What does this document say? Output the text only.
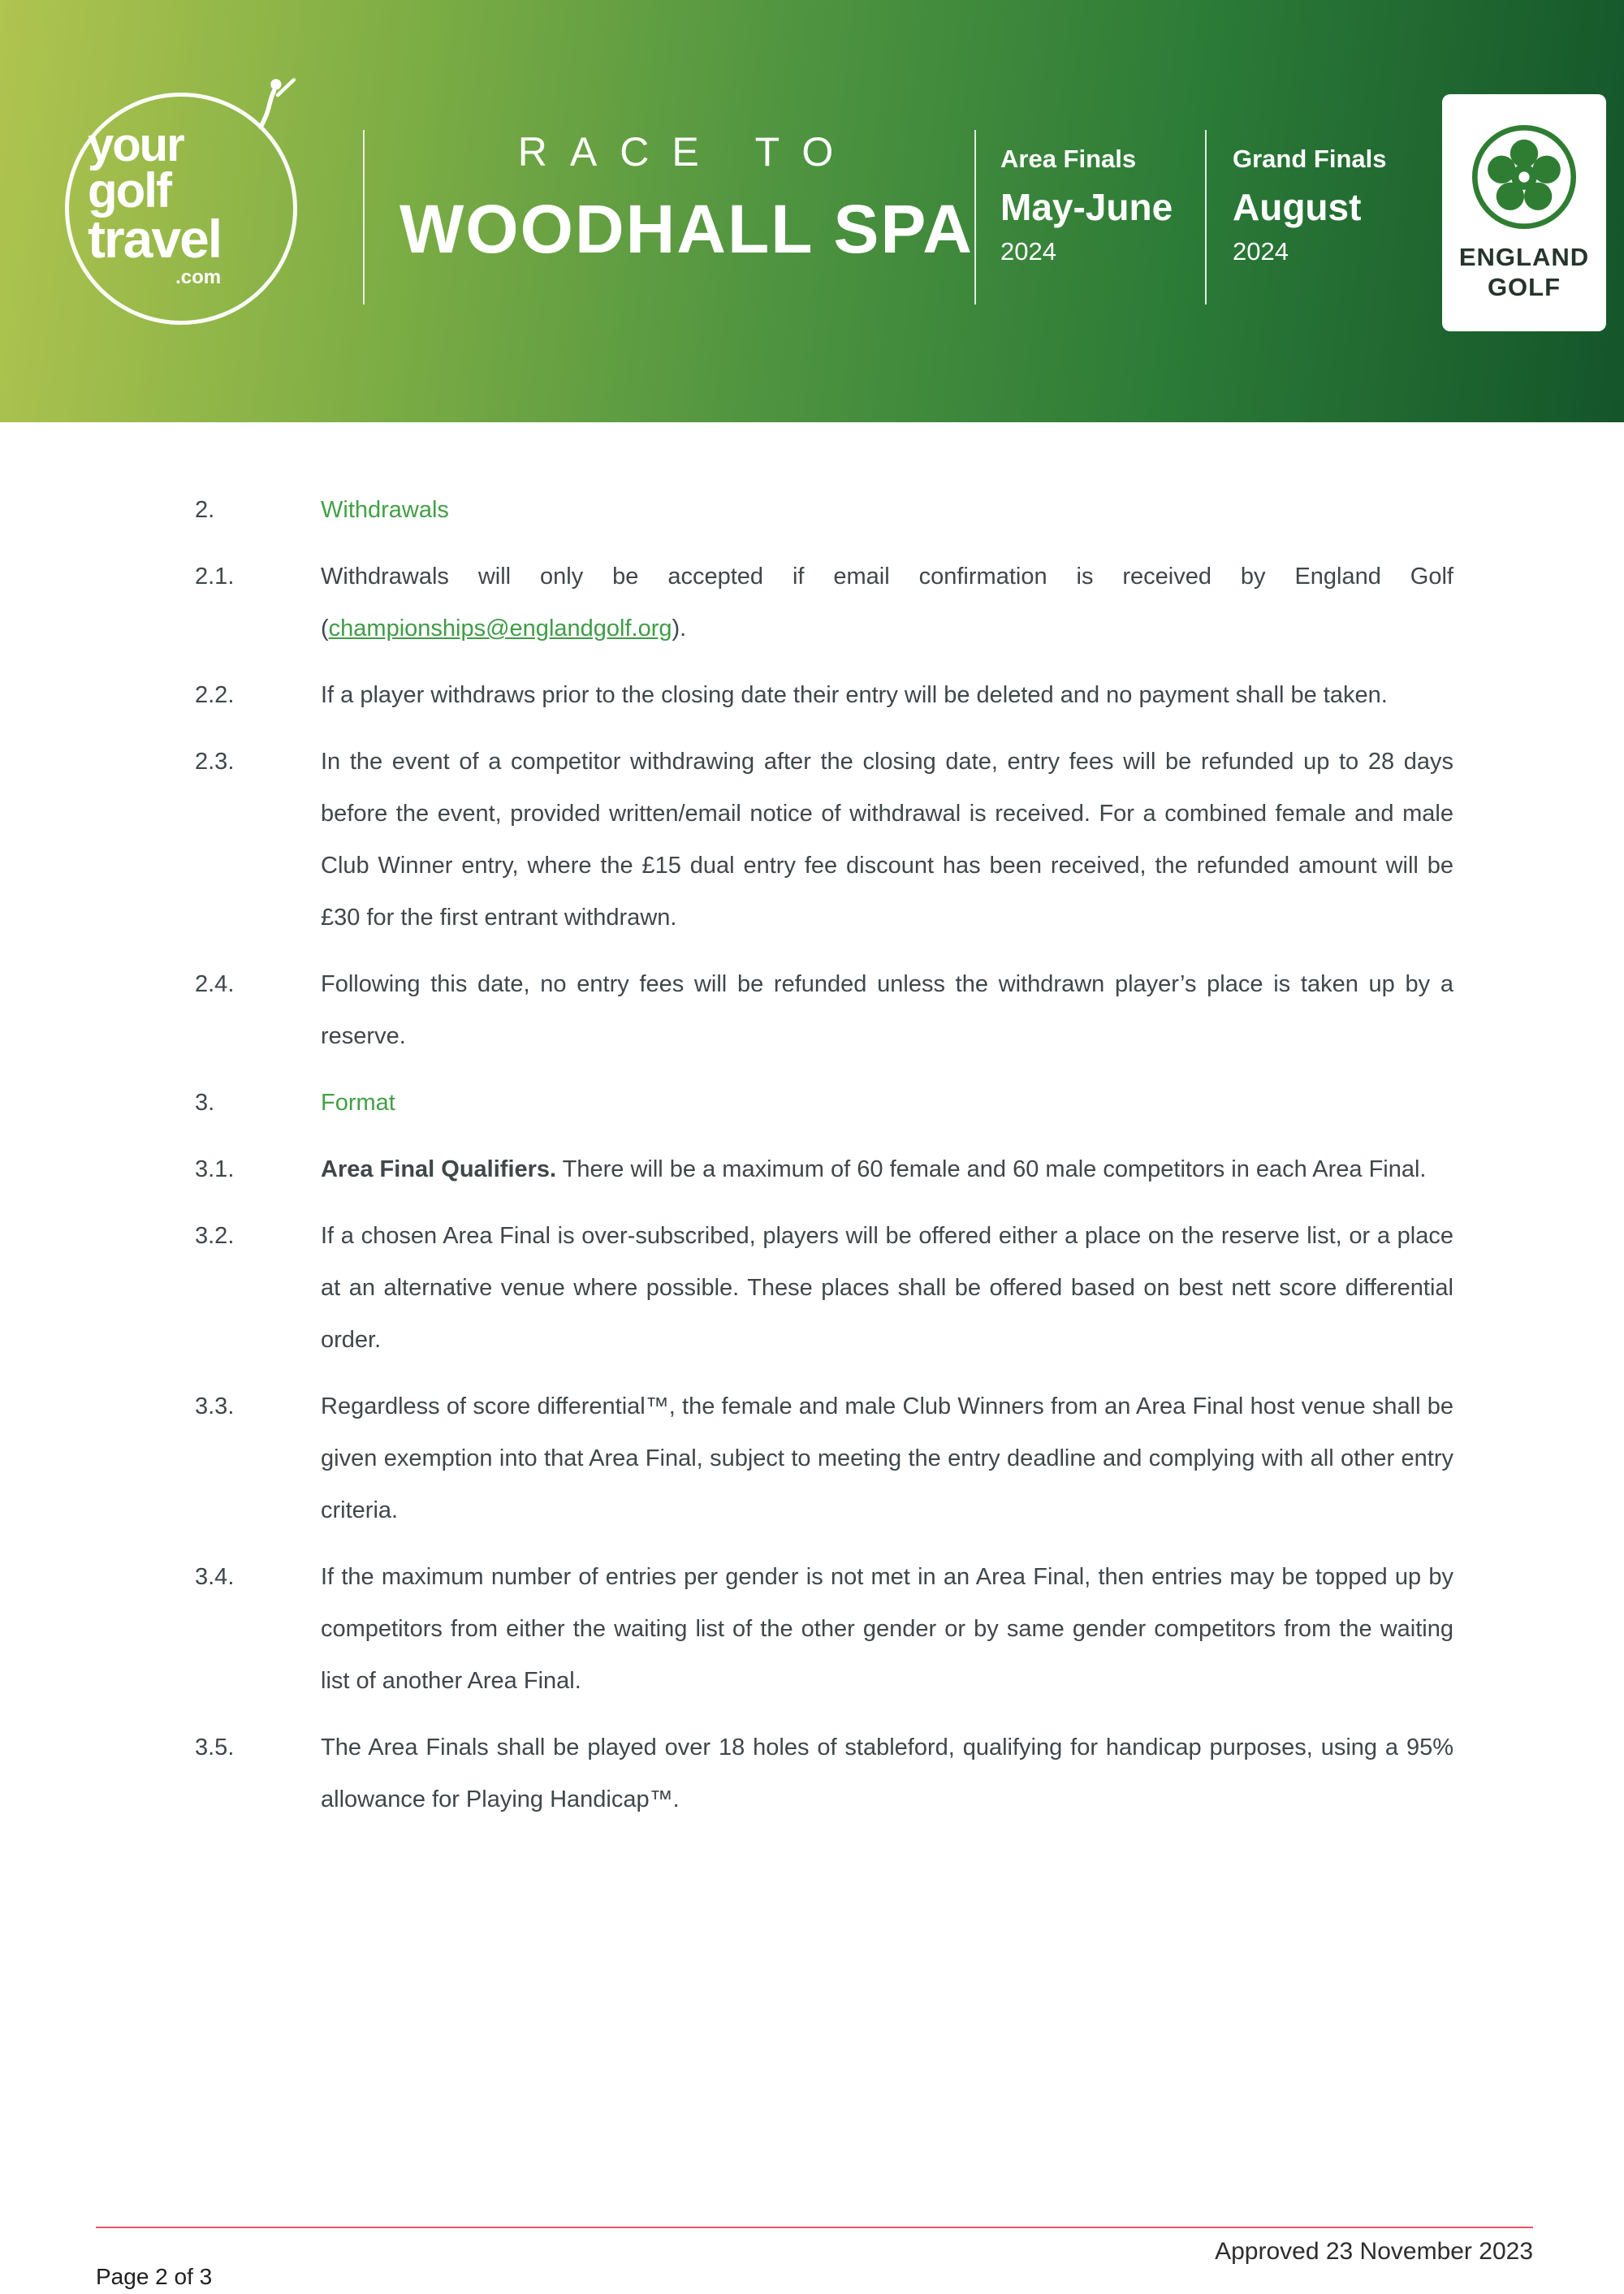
your
golf
travel
.com
RACE TO
WOODHALL SPA
Area Finals
May-June
2024
Grand Finals
August
2024	ENGLAND
GOLF
2.	Withdrawals
2.1.	Withdrawals will only be accepted if email confirmation is received by England Golf (championships@englandgolf.org).
2.2.	If a player withdraws prior to the closing date their entry will be deleted and no payment shall be taken.
2.3.	In the event of a competitor withdrawing after the closing date, entry fees will be refunded up to 28 days before the event, provided written/email notice of withdrawal is received. For a combined female and male Club Winner entry, where the £15 dual entry fee discount has been received, the refunded amount will be £30 for the first entrant withdrawn.
2.4.	Following this date, no entry fees will be refunded unless the withdrawn player’s place is taken up by a reserve.
3.	Format
3.1.	Area Final Qualifiers. There will be a maximum of 60 female and 60 male competitors in each Area Final.
3.2.	If a chosen Area Final is over-subscribed, players will be offered either a place on the reserve list, or a place at an alternative venue where possible. These places shall be offered based on best nett score differential order.
3.3.	Regardless of score differential™, the female and male Club Winners from an Area Final host venue shall be given exemption into that Area Final, subject to meeting the entry deadline and complying with all other entry criteria.
3.4.	If the maximum number of entries per gender is not met in an Area Final, then entries may be topped up by competitors from either the waiting list of the other gender or by same gender competitors from the waiting list of another Area Final.
3.5.	The Area Finals shall be played over 18 holes of stableford, qualifying for handicap purposes, using a 95% allowance for Playing Handicap™.
Approved 23 November 2023
Page 2 of 3
